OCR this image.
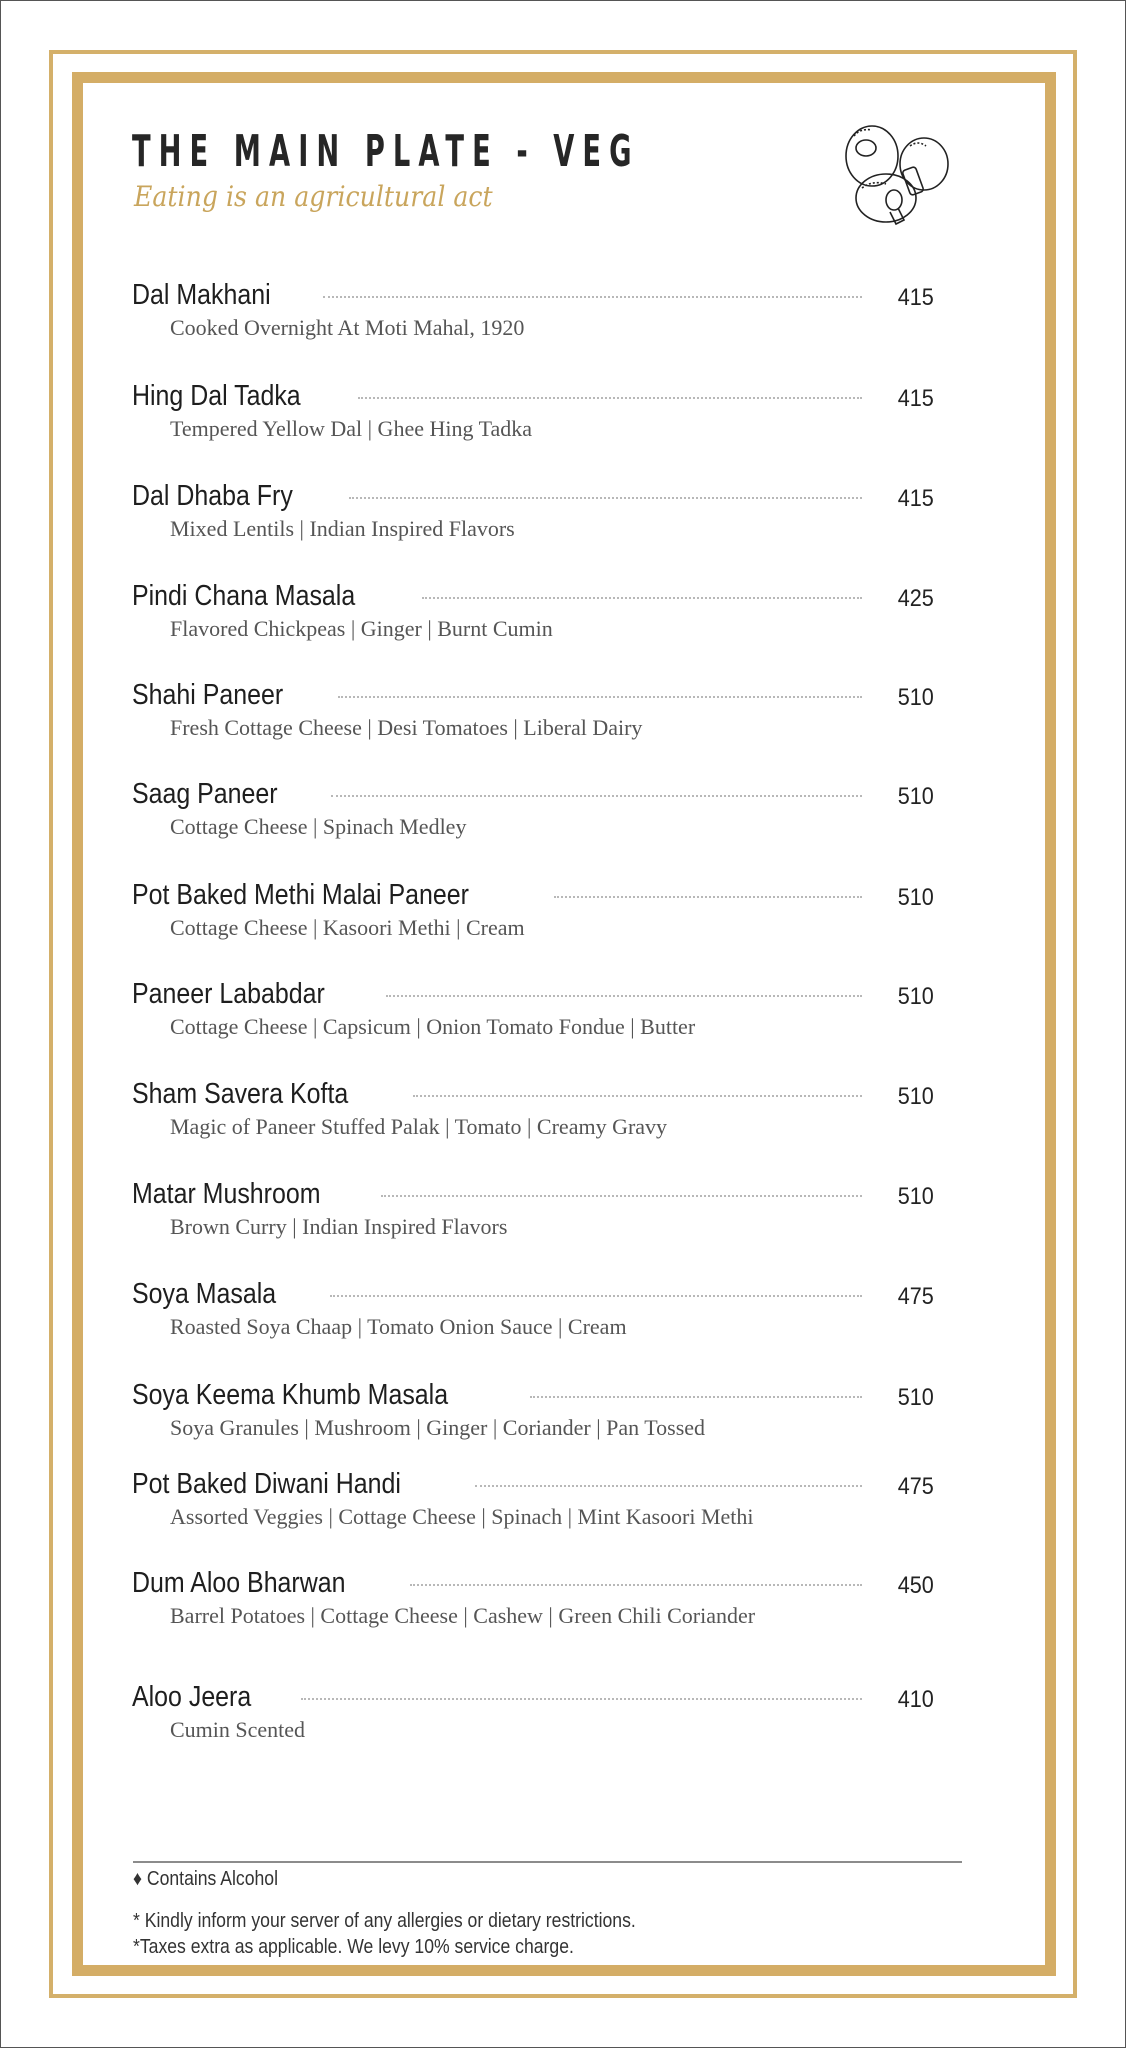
THE MAIN PLATE - VEG
Eating is an agricultural act
Dal Makhani	415
Cooked Overnight At Moti Mahal, 1920
Hing Dal Tadka	415
Tempered Yellow Dal | Ghee Hing Tadka
Dal Dhaba Fry	415
Mixed Lentils | Indian Inspired Flavors
Pindi Chana Masala	425
Flavored Chickpeas | Ginger | Burnt Cumin
Shahi Paneer	510
Fresh Cottage Cheese | Desi Tomatoes | Liberal Dairy
Saag Paneer	510
Cottage Cheese | Spinach Medley
Pot Baked Methi Malai Paneer	510
Cottage Cheese | Kasoori Methi | Cream
Paneer Lababdar	510
Cottage Cheese | Capsicum | Onion Tomato Fondue | Butter
Sham Savera Kofta	510
Magic of Paneer Stuffed Palak | Tomato | Creamy Gravy
Matar Mushroom	510
Brown Curry | Indian Inspired Flavors
Soya Masala	475
Roasted Soya Chaap | Tomato Onion Sauce | Cream
Soya Keema Khumb Masala	510
Soya Granules | Mushroom | Ginger | Coriander | Pan Tossed
Pot Baked Diwani Handi	475
Assorted Veggies | Cottage Cheese | Spinach | Mint Kasoori Methi
Dum Aloo Bharwan	450
Barrel Potatoes | Cottage Cheese | Cashew | Green Chili Coriander
Aloo Jeera	410
Cumin Scented
♦ Contains Alcohol
* Kindly inform your server of any allergies or dietary restrictions.
*Taxes extra as applicable. We levy 10% service charge.
